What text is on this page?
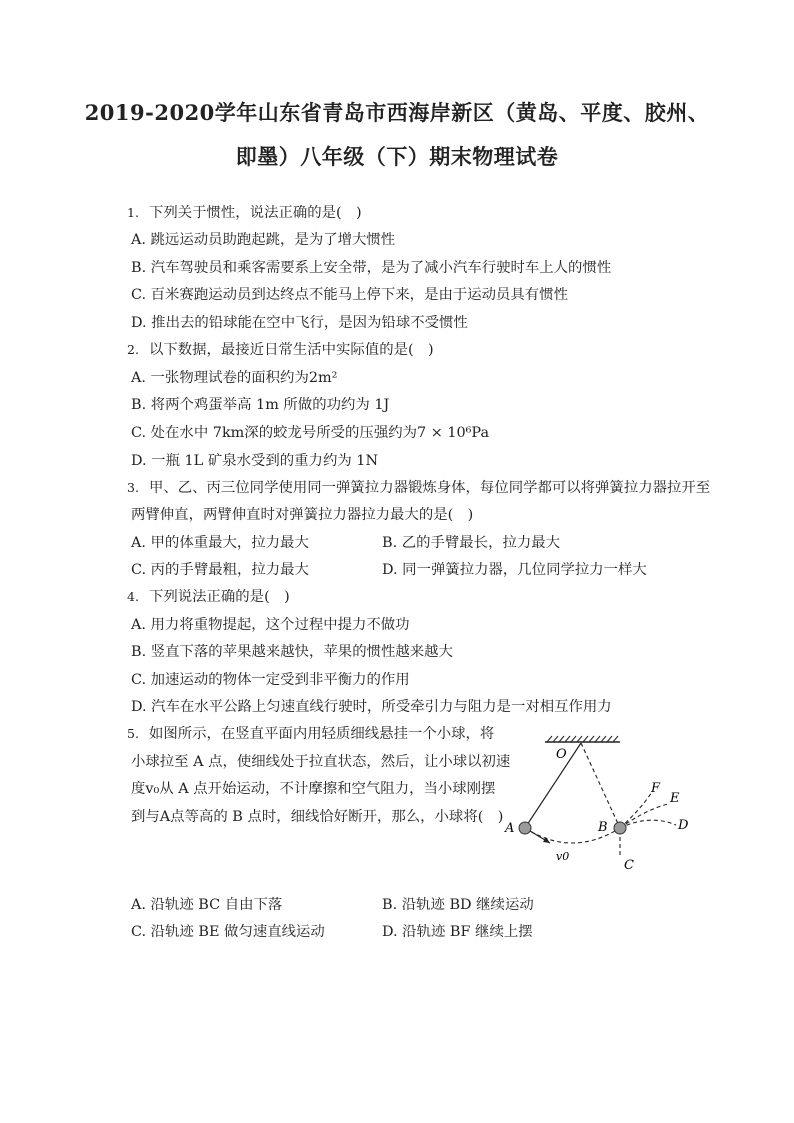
2019-2020学年山东省青岛市西海岸新区（黄岛、平度、胶州、
即墨）八年级（下）期末物理试卷
1. 下列关于惯性，说法正确的是(　)
A. 跳远运动员助跑起跳，是为了增大惯性
B. 汽车驾驶员和乘客需要系上安全带，是为了减小汽车行驶时车上人的惯性
C. 百米赛跑运动员到达终点不能马上停下来，是由于运动员具有惯性
D. 推出去的铅球能在空中飞行，是因为铅球不受惯性
2. 以下数据，最接近日常生活中实际值的是(　)
A. 一张物理试卷的面积约为2m²
B. 将两个鸡蛋举高 1m 所做的功约为 1J
C. 处在水中 7km深的蛟龙号所受的压强约为7 × 10⁶Pa
D. 一瓶 1L 矿泉水受到的重力约为 1N
3. 甲、乙、丙三位同学使用同一弹簧拉力器锻炼身体，每位同学都可以将弹簧拉力器拉开至
两臂伸直，两臂伸直时对弹簧拉力器拉力最大的是(　)
A. 甲的体重最大，拉力最大	B. 乙的手臂最长，拉力最大
C. 丙的手臂最粗，拉力最大	D. 同一弹簧拉力器，几位同学拉力一样大
4. 下列说法正确的是(　)
A. 用力将重物提起，这个过程中提力不做功
B. 竖直下落的苹果越来越快，苹果的惯性越来越大
C. 加速运动的物体一定受到非平衡力的作用
D. 汽车在水平公路上匀速直线行驶时，所受牵引力与阻力是一对相互作用力
5. 如图所示，在竖直平面内用轻质细线悬挂一个小球，将
小球拉至 A 点，使细线处于拉直状态，然后，让小球以初速
度v₀从 A 点开始运动，不计摩擦和空气阻力，当小球刚摆
到与A点等高的 B 点时，细线恰好断开，那么，小球将(　)
O
A	B
C
D
E
F
v0
A. 沿轨迹 BC 自由下落	B. 沿轨迹 BD 继续运动
C. 沿轨迹 BE 做匀速直线运动	D. 沿轨迹 BF 继续上摆
